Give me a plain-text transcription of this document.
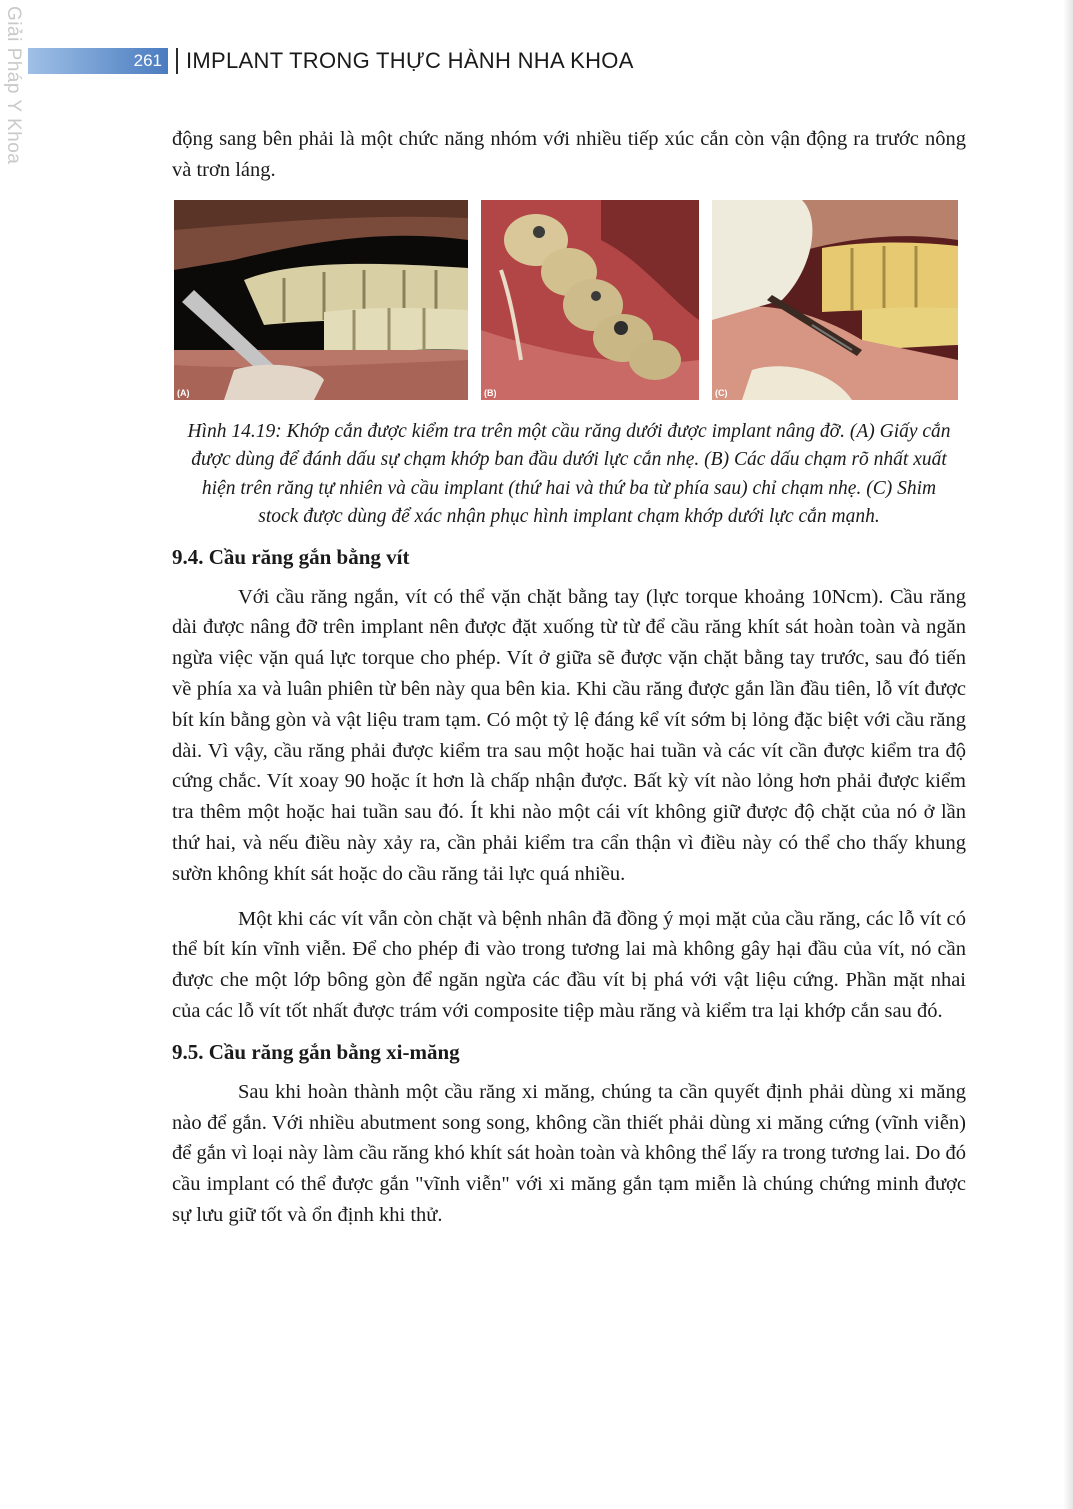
Giải Pháp Y Khoa	261 IMPLANT TRONG THỰC HÀNH NHA KHOA

động sang bên phải là một chức năng nhóm với nhiều tiếp xúc cắn còn vận động ra trước nông và trơn láng.

(A)	(B)	(C)

Hình 14.19: Khớp cắn được kiểm tra trên một cầu răng dưới được implant nâng đỡ. (A) Giấy cắn được dùng để đánh dấu sự chạm khớp ban đầu dưới lực cắn nhẹ. (B) Các dấu chạm rõ nhất xuất hiện trên răng tự nhiên và cầu implant (thứ hai và thứ ba từ phía sau) chỉ chạm nhẹ. (C) Shim stock được dùng để xác nhận phục hình implant chạm khớp dưới lực cắn mạnh.

9.4. Cầu răng gắn bằng vít

Với cầu răng ngắn, vít có thể vặn chặt bằng tay (lực torque khoảng 10Ncm). Cầu răng dài được nâng đỡ trên implant nên được đặt xuống từ từ để cầu răng khít sát hoàn toàn và ngăn ngừa việc vặn quá lực torque cho phép. Vít ở giữa sẽ được vặn chặt bằng tay trước, sau đó tiến về phía xa và luân phiên từ bên này qua bên kia. Khi cầu răng được gắn lần đầu tiên, lỗ vít được bít kín bằng gòn và vật liệu tram tạm. Có một tỷ lệ đáng kể vít sớm bị lỏng đặc biệt với cầu răng dài. Vì vậy, cầu răng phải được kiểm tra sau một hoặc hai tuần và các vít cần được kiểm tra độ cứng chắc. Vít xoay 90 hoặc ít hơn là chấp nhận được. Bất kỳ vít nào lỏng hơn phải được kiểm tra thêm một hoặc hai tuần sau đó. Ít khi nào một cái vít không giữ được độ chặt của nó ở lần thứ hai, và nếu điều này xảy ra, cần phải kiểm tra cẩn thận vì điều này có thể cho thấy khung sườn không khít sát hoặc do cầu răng tải lực quá nhiều.

Một khi các vít vẫn còn chặt và bệnh nhân đã đồng ý mọi mặt của cầu răng, các lỗ vít có thể bít kín vĩnh viễn. Để cho phép đi vào trong tương lai mà không gây hại đầu của vít, nó cần được che một lớp bông gòn để ngăn ngừa các đầu vít bị phá với vật liệu cứng. Phần mặt nhai của các lỗ vít tốt nhất được trám với composite tiệp màu răng và kiểm tra lại khớp cắn sau đó.

9.5. Cầu răng gắn bằng xi-măng

Sau khi hoàn thành một cầu răng xi măng, chúng ta cần quyết định phải dùng xi măng nào để gắn. Với nhiều abutment song song, không cần thiết phải dùng xi măng cứng (vĩnh viễn) để gắn vì loại này làm cầu răng khó khít sát hoàn toàn và không thể lấy ra trong tương lai. Do đó cầu implant có thể được gắn "vĩnh viễn" với xi măng gắn tạm miễn là chúng chứng minh được sự lưu giữ tốt và ổn định khi thử.
